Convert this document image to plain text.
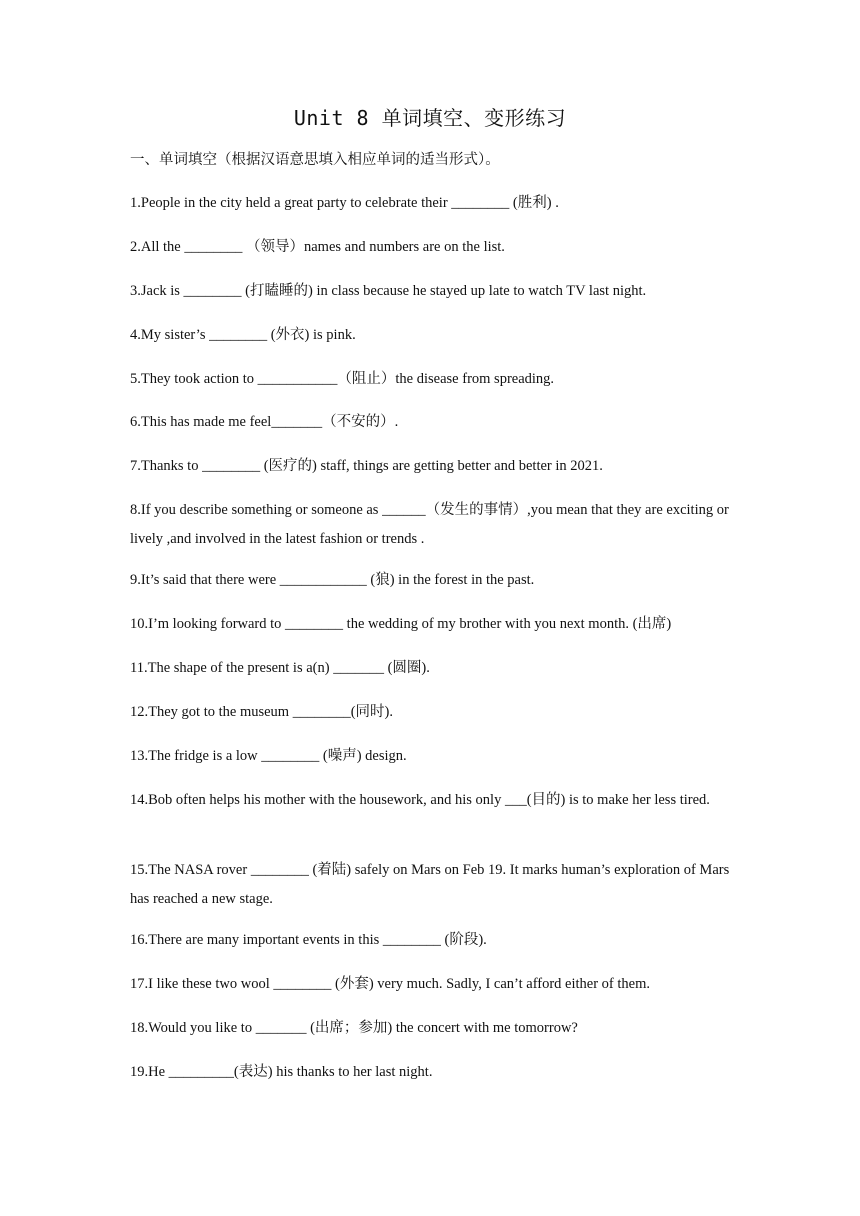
Unit 8 单词填空、变形练习
一、单词填空（根据汉语意思填入相应单词的适当形式）。

1.People in the city held a great party to celebrate their ________ (胜利) .

2.All the ________ （领导）names and numbers are on the list.

3.Jack is ________ (打瞌睡的) in class because he stayed up late to watch TV last night.

4.My sister’s ________ (外衣) is pink.

5.They took action to ___________（阻止）the disease from spreading.

6.This has made me feel_______（不安的）.

7.Thanks to ________ (医疗的) staff, things are getting better and better in 2021.

8.If you describe something or someone as ______（发生的事情）,you mean that they are exciting or lively ,and involved in the latest fashion or trends .

9.It’s said that there were ____________ (狼) in the forest in the past.

10.I’m looking forward to ________ the wedding of my brother with you next month. (出席)

11.The shape of the present is a(n) _______ (圆圈).

12.They got to the museum ________(同时).

13.The fridge is a low ________ (噪声) design.

14.Bob often helps his mother with the housework, and his only ___(目的) is to make her less tired.

15.The NASA rover ________ (着陆) safely on Mars on Feb 19. It marks human’s exploration of Mars has reached a new stage.

16.There are many important events in this ________ (阶段).

17.I like these two wool ________ (外套) very much. Sadly, I can’t afford either of them.

18.Would you like to _______ (出席；参加) the concert with me tomorrow?

19.He _________(表达) his thanks to her last night.
